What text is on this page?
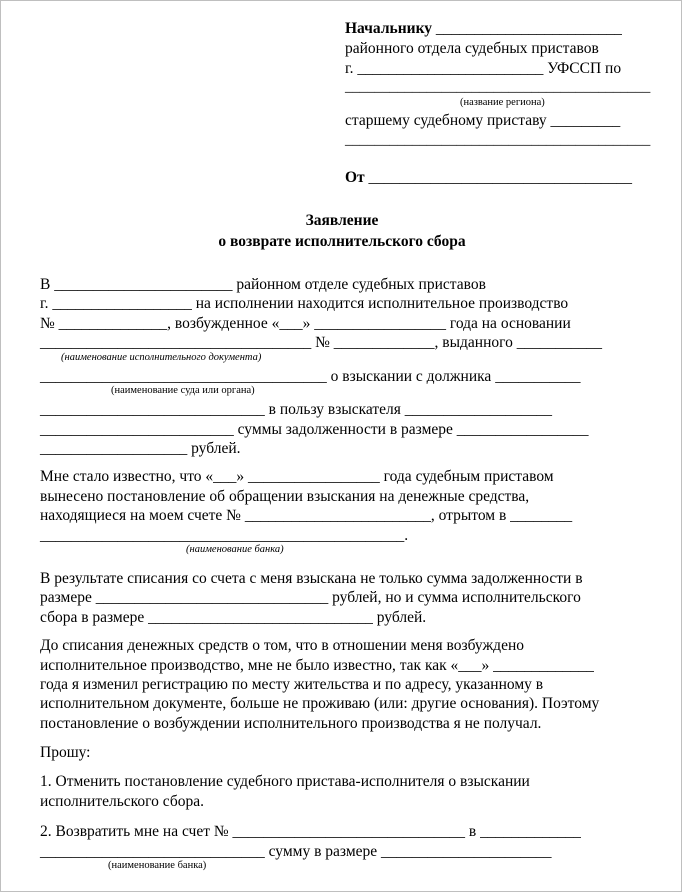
Начальнику ________________________
районного отдела судебных приставов
г. ________________________ УФССП по
_________________________________________
(название региона)
старшему судебному приставу _________
_________________________________________
От __________________________________
Заявление
о возврате исполнительского сбора
В _______________________ районном отделе судебных приставов
г. __________________ на исполнении находится исполнительное производство
№ ______________, возбужденное «___» _________________ года на основании
___________________________________ № _____________, выданного ___________
(наименование исполнительного документа)
_____________________________________ о взыскании с должника ___________
(наименование суда или органа)
_____________________________ в пользу взыскателя ___________________
_________________________ суммы задолженности в размере _________________
___________________ рублей.
Мне стало известно, что «___» _________________ года судебным приставом
вынесено постановление об обращении взыскания на денежные средства,
находящиеся на моем счете № ________________________, отрытом в ________
_______________________________________________.
(наименование банка)
В результате списания со счета с меня взыскана не только сумма задолженности в
размере ______________________________ рублей, но и сумма исполнительского
сбора в размере _____________________________ рублей.
До списания денежных средств о том, что в отношении меня возбуждено
исполнительное производство, мне не было известно, так как «___» _____________
года я изменил регистрацию по месту жительства и по адресу, указанному в
исполнительном документе, больше не проживаю (или: другие основания). Поэтому
постановление о возбуждении исполнительного производства я не получал.
Прошу:
1. Отменить постановление судебного пристава-исполнителя о взыскании
исполнительского сбора.
2. Возвратить мне на счет № ______________________________ в _____________
_____________________________ сумму в размере ______________________
(наименование банка)
